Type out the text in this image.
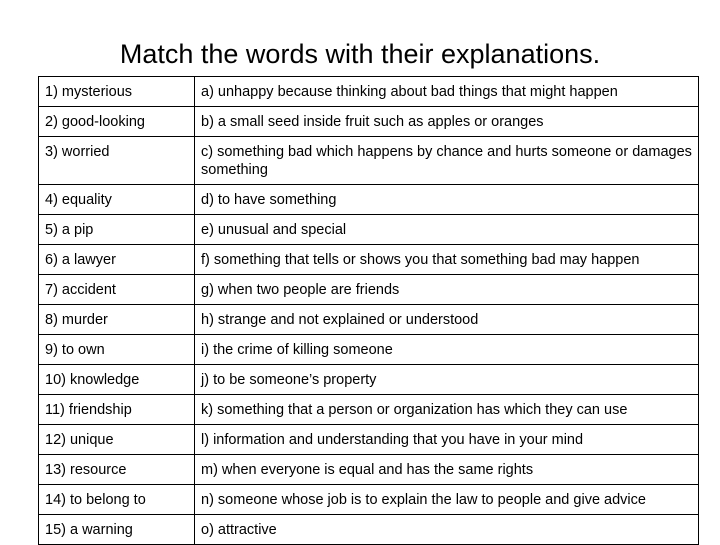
Match the words with their explanations.
1) mysterious	a) unhappy because thinking about bad things that might happen
2) good-looking	b) a small seed inside fruit such as apples or oranges
3) worried	c) something bad which happens by chance and hurts someone or damages something
4) equality	d) to have something
5) a pip	e) unusual and special
6) a lawyer	f) something that tells or shows you that something bad may happen
7) accident	g) when two people are friends
8) murder	h) strange and not explained or understood
9) to own	i) the crime of killing someone
10) knowledge	j) to be someone’s property
11) friendship	k) something that a person or organization has which they can use
12) unique	l) information and understanding that you have in your mind
13) resource	m) when everyone is equal and has the same rights
14) to belong to	n) someone whose job is to explain the law to people and give advice
15) a warning	o) attractive
